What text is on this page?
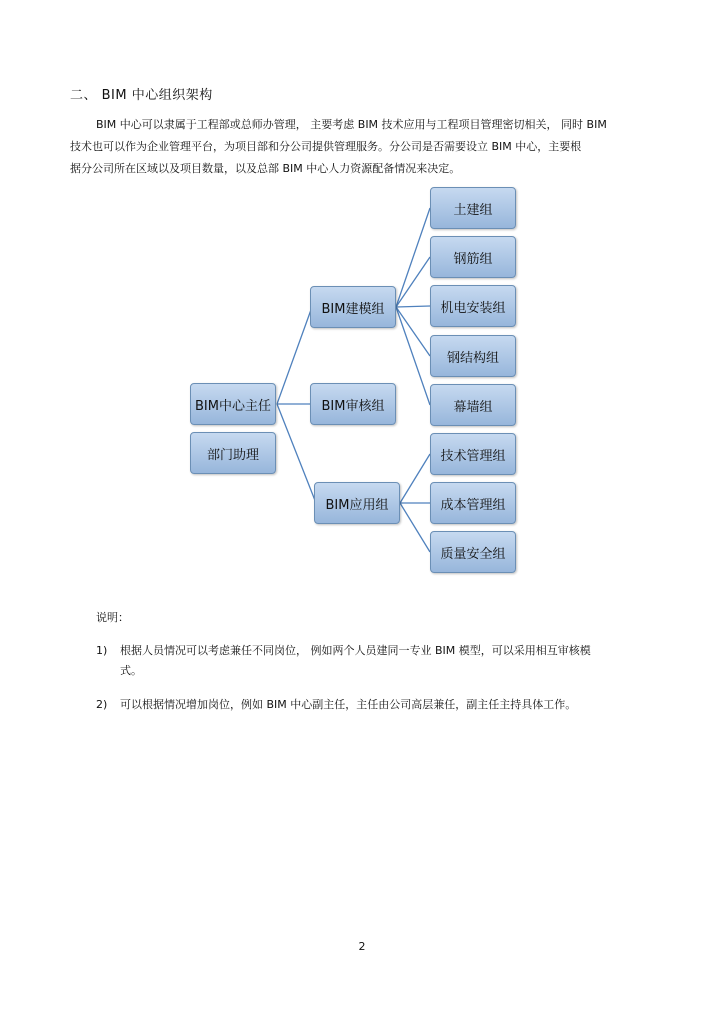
二、 BIM 中心组织架构
BIM 中心可以隶属于工程部或总师办管理， 主要考虑 BIM 技术应用与工程项目管理密切相关， 同时 BIM
技术也可以作为企业管理平台，为项目部和分公司提供管理服务。分公司是否需要设立 BIM 中心，主要根
据分公司所在区域以及项目数量，以及总部 BIM 中心人力资源配备情况来决定。
BIM中心主任
部门助理
BIM建模组
BIM审核组
BIM应用组
土建组
钢筋组
机电安装组
钢结构组
幕墙组
技术管理组
成本管理组
质量安全组
说明：
1) 根据人员情况可以考虑兼任不同岗位， 例如两个人员建同一专业 BIM 模型，可以采用相互审核模
式。
2) 可以根据情况增加岗位，例如 BIM 中心副主任，主任由公司高层兼任，副主任主持具体工作。
2
